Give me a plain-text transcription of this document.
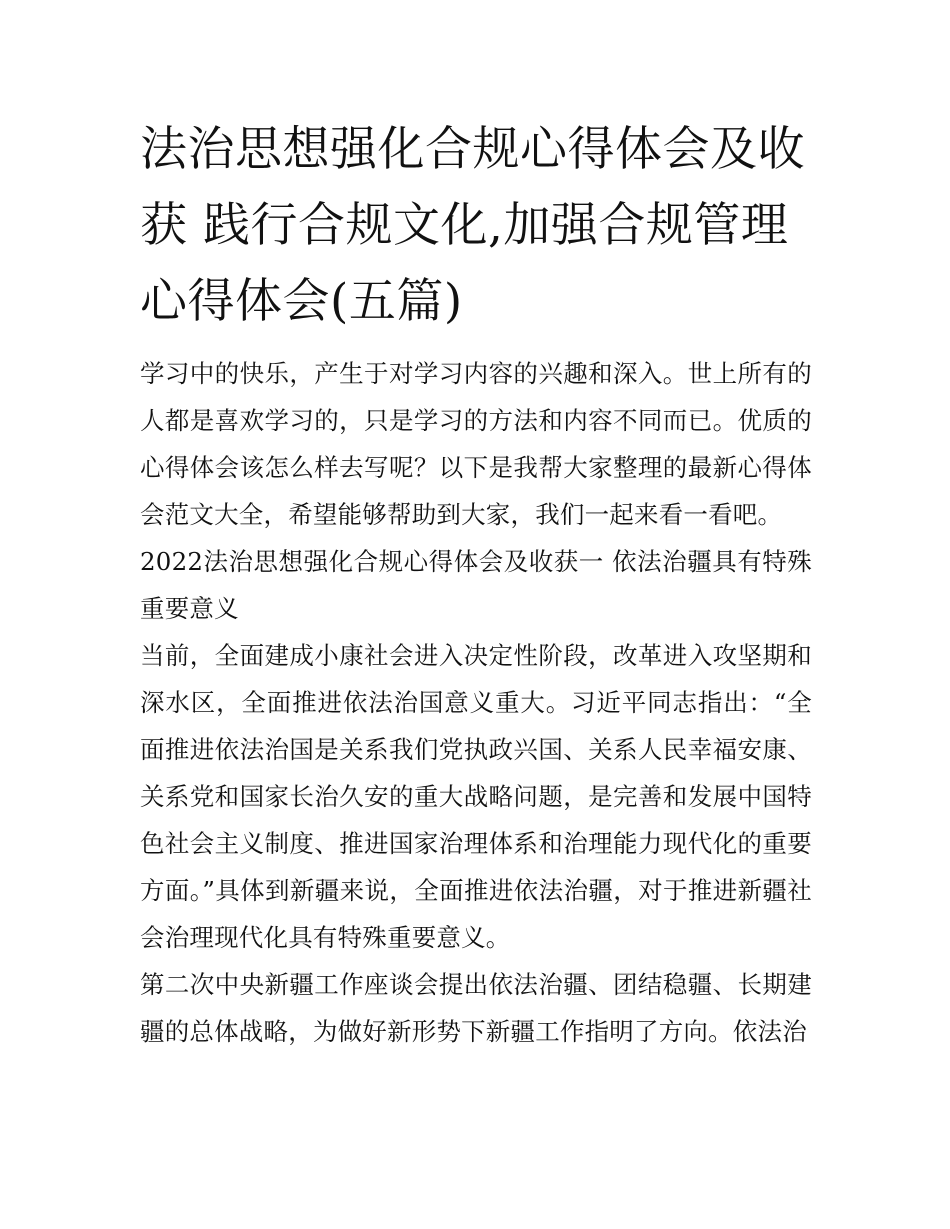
法治思想强化合规心得体会及收获 践行合规文化,加强合规管理心得体会(五篇)

学习中的快乐，产生于对学习内容的兴趣和深入。世上所有的人都是喜欢学习的，只是学习的方法和内容不同而已。优质的心得体会该怎么样去写呢？以下是我帮大家整理的最新心得体会范文大全，希望能够帮助到大家，我们一起来看一看吧。

2022法治思想强化合规心得体会及收获一 依法治疆具有特殊重要意义

当前，全面建成小康社会进入决定性阶段，改革进入攻坚期和深水区，全面推进依法治国意义重大。习近平同志指出：“全面推进依法治国是关系我们党执政兴国、关系人民幸福安康、关系党和国家长治久安的重大战略问题，是完善和发展中国特色社会主义制度、推进国家治理体系和治理能力现代化的重要方面。”具体到新疆来说，全面推进依法治疆，对于推进新疆社会治理现代化具有特殊重要意义。

第二次中央新疆工作座谈会提出依法治疆、团结稳疆、长期建疆的总体战略，为做好新形势下新疆工作指明了方向。依法治
